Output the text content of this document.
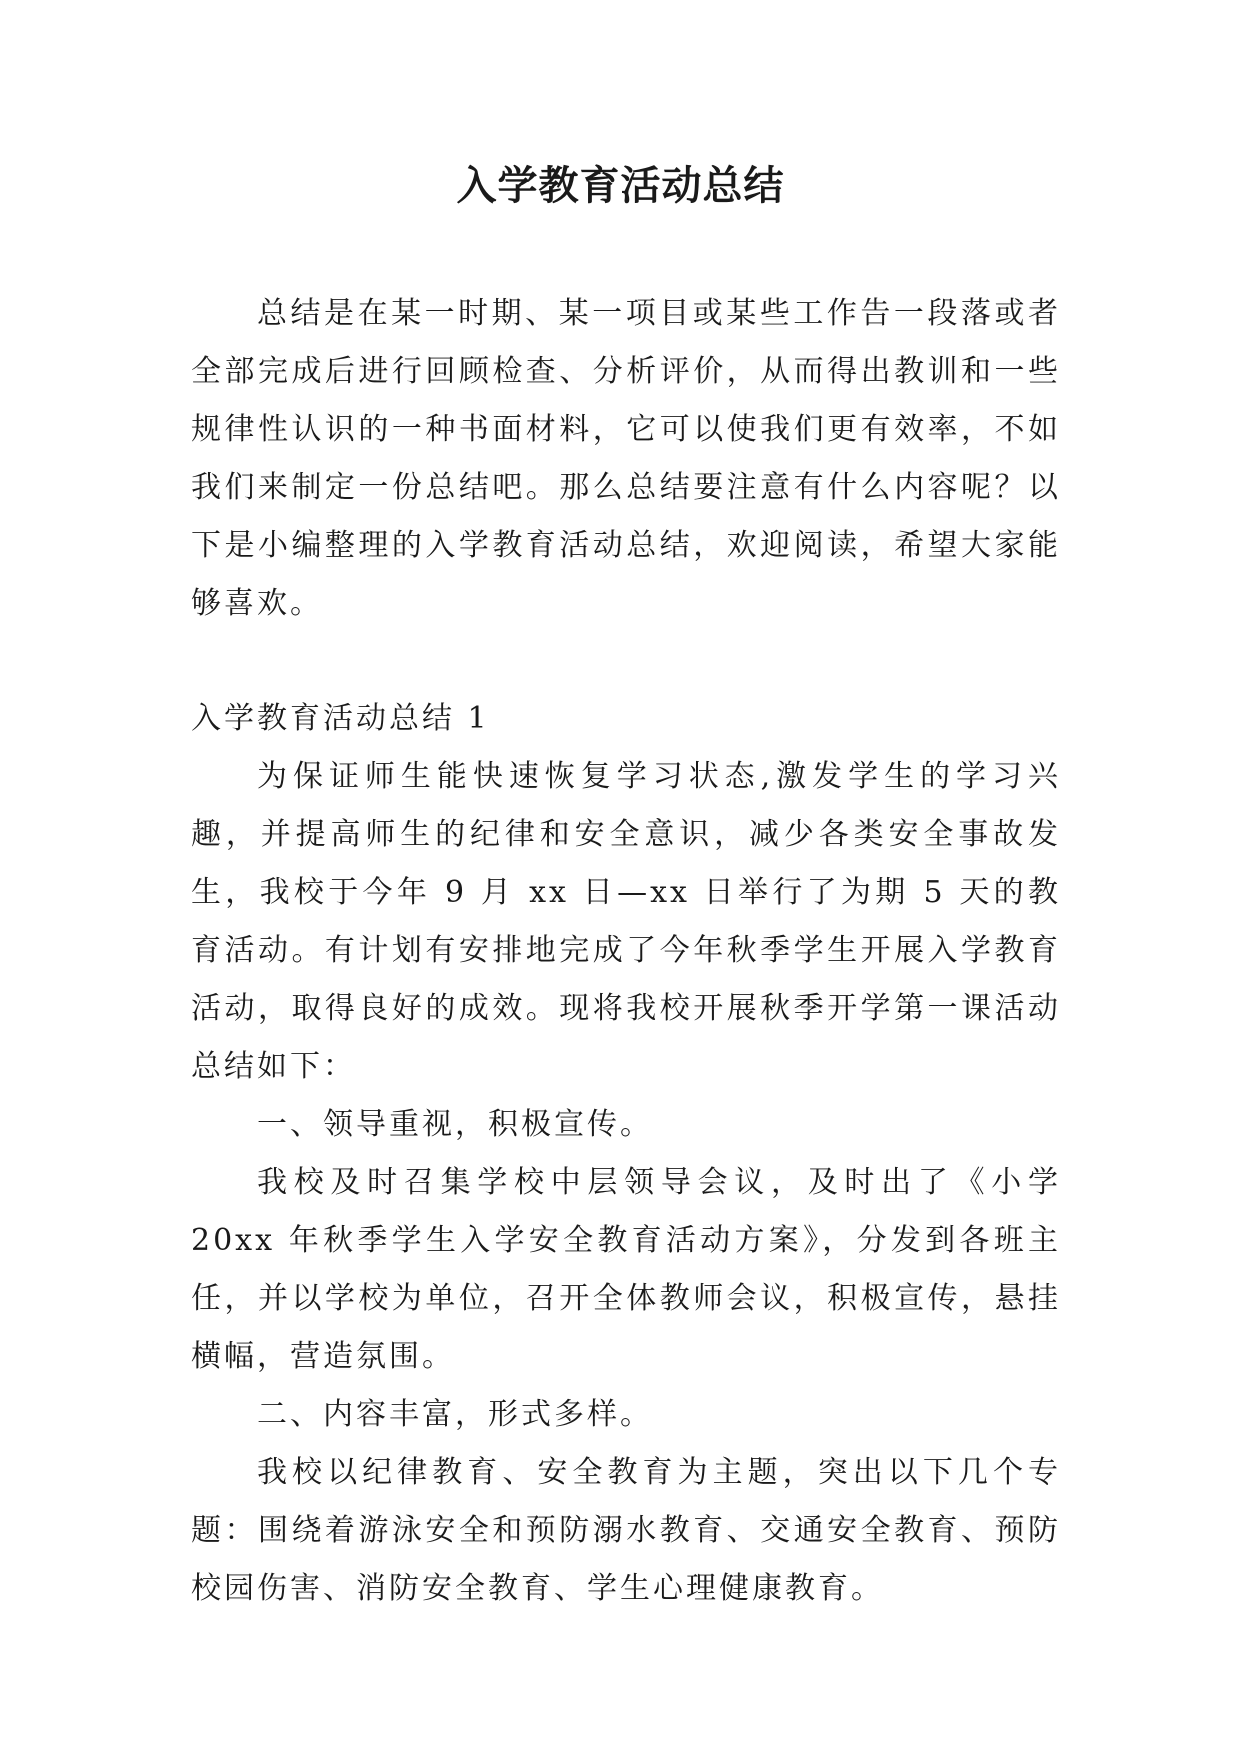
入学教育活动总结

总结是在某一时期、某一项目或某些工作告一段落或者全部完成后进行回顾检查、分析评价，从而得出教训和一些规律性认识的一种书面材料，它可以使我们更有效率，不如我们来制定一份总结吧。那么总结要注意有什么内容呢？以下是小编整理的入学教育活动总结，欢迎阅读，希望大家能够喜欢。

入学教育活动总结 1

为保证师生能快速恢复学习状态,激发学生的学习兴趣，并提高师生的纪律和安全意识，减少各类安全事故发生，我校于今年 9 月 xx 日—xx 日举行了为期 5 天的教育活动。有计划有安排地完成了今年秋季学生开展入学教育活动，取得良好的成效。现将我校开展秋季开学第一课活动总结如下：

一、领导重视，积极宣传。

我校及时召集学校中层领导会议，及时出了《小学 20xx 年秋季学生入学安全教育活动方案》，分发到各班主任，并以学校为单位，召开全体教师会议，积极宣传，悬挂横幅，营造氛围。

二、内容丰富，形式多样。

我校以纪律教育、安全教育为主题，突出以下几个专题：围绕着游泳安全和预防溺水教育、交通安全教育、预防校园伤害、消防安全教育、学生心理健康教育。
